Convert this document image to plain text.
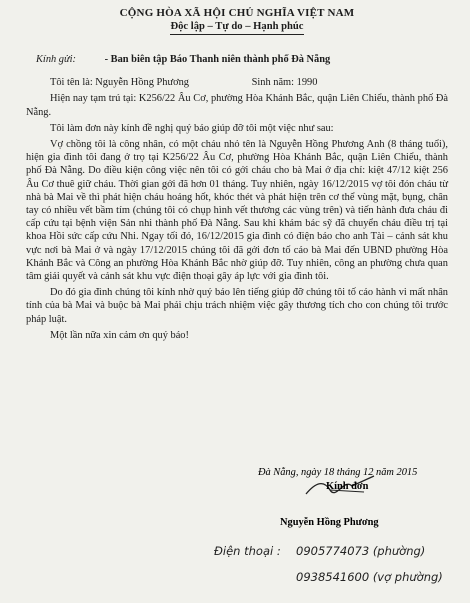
CỘNG HÒA XÃ HỘI CHỦ NGHĨA VIỆT NAM
Độc lập – Tự do – Hạnh phúc
Kính gửi:	- Ban biên tập Báo Thanh niên thành phố Đà Nẵng
Tôi tên là: Nguyễn Hồng Phương	Sinh năm: 1990

Hiện nay tạm trú tại: K256/22 Âu Cơ, phường Hòa Khánh Bắc, quận Liên Chiểu, thành phố Đà Nẵng.

Tôi làm đơn này kính đề nghị quý báo giúp đỡ tôi một việc như sau:

Vợ chồng tôi là công nhân, có một cháu nhỏ tên là Nguyễn Hồng Phương Anh (8 tháng tuổi), hiện gia đình tôi đang ở trọ tại K256/22 Âu Cơ, phường Hòa Khánh Bắc, quận Liên Chiểu, thành phố Đà Nẵng. Do điều kiện công việc nên tôi có gởi cháu cho bà Mai ở địa chỉ: kiệt 47/12 kiệt 256 Âu Cơ thuê giữ cháu. Thời gian gởi đã hơn 01 tháng. Tuy nhiên, ngày 16/12/2015 vợ tôi đón cháu từ nhà bà Mai về thì phát hiện cháu hoảng hốt, khóc thét và phát hiện trên cơ thể vùng mặt, bụng, chân tay có nhiều vết bầm tím (chúng tôi có chụp hình vết thương các vùng trên) và tiến hành đưa cháu đi cấp cứu tại bệnh viện Sản nhi thành phố Đà Nẵng. Sau khi khám bác sỹ đã chuyển cháu điều trị tại khoa Hồi sức cấp cứu Nhi. Ngay tối đó, 16/12/2015 gia đình có điện báo cho anh Tài – cảnh sát khu vực nơi bà Mai ở và ngày 17/12/2015 chúng tôi đã gởi đơn tố cáo bà Mai đến UBND phường Hòa Khánh Bắc và Công an phường Hòa Khánh Bắc nhờ giúp đỡ. Tuy nhiên, công an phường chưa quan tâm giải quyết và cảnh sát khu vực điện thoại gây áp lực với gia đình tôi.

Do đó gia đình chúng tôi kính nhờ quý báo lên tiếng giúp đỡ chúng tôi tố cáo hành vi mất nhân tính của bà Mai và buộc bà Mai phải chịu trách nhiệm việc gây thương tích cho con chúng tôi trước pháp luật.

Một lần nữa xin cảm ơn quý báo!

Đà Nẵng, ngày 18 tháng 12 năm 2015
Kính đơn
Nguyễn Hồng Phương
Điện thoại : 0905774073 (phường)
0938541600 (vợ phường)
